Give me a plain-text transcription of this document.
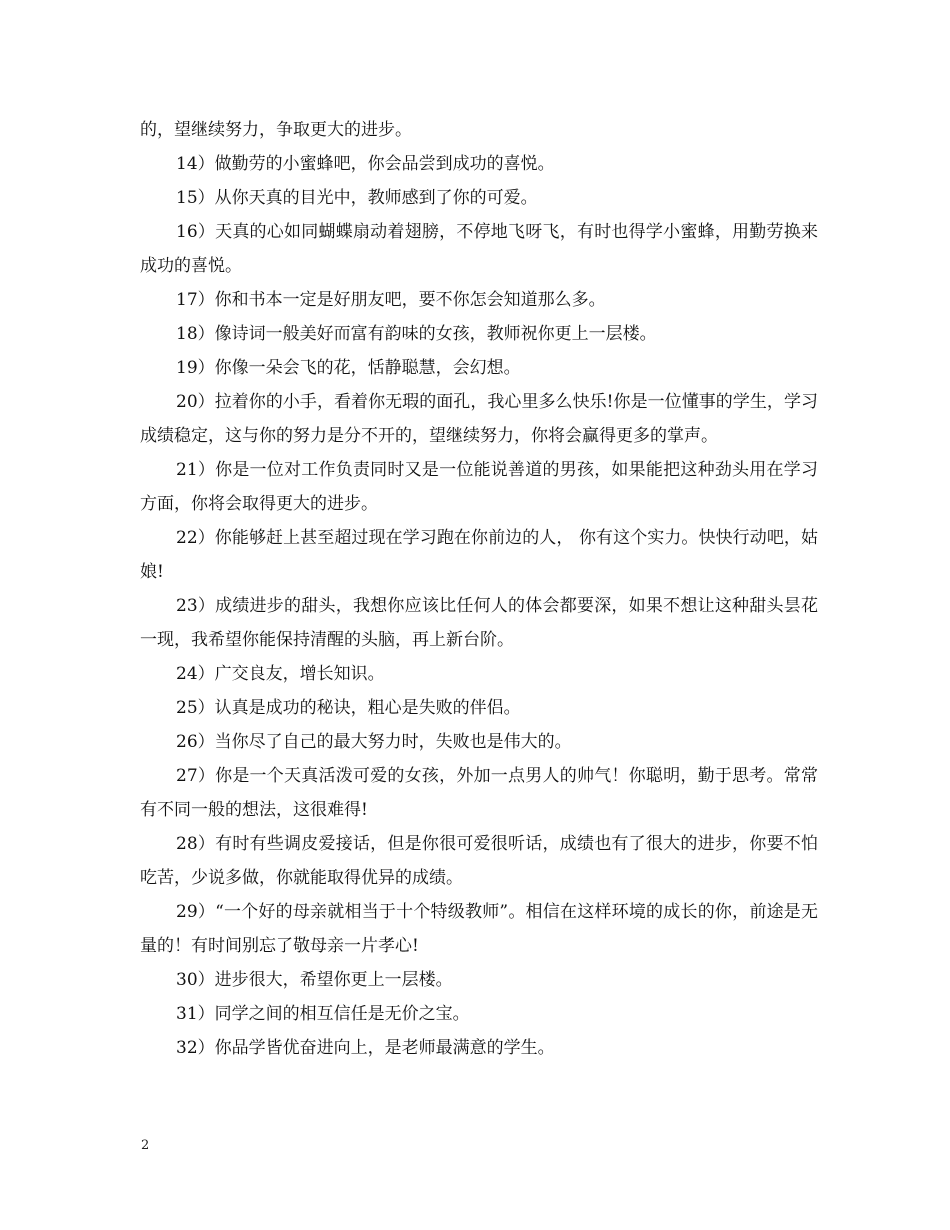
的，望继续努力，争取更大的进步。

14）做勤劳的小蜜蜂吧，你会品尝到成功的喜悦。

15）从你天真的目光中，教师感到了你的可爱。

16）天真的心如同蝴蝶扇动着翅膀，不停地飞呀飞，有时也得学小蜜蜂，用勤劳换来成功的喜悦。

17）你和书本一定是好朋友吧，要不你怎会知道那么多。

18）像诗词一般美好而富有韵味的女孩，教师祝你更上一层楼。

19）你像一朵会飞的花，恬静聪慧，会幻想。

20）拉着你的小手，看着你无瑕的面孔，我心里多么快乐!你是一位懂事的学生，学习成绩稳定，这与你的努力是分不开的，望继续努力，你将会赢得更多的掌声。

21）你是一位对工作负责同时又是一位能说善道的男孩，如果能把这种劲头用在学习方面，你将会取得更大的进步。

22）你能够赶上甚至超过现在学习跑在你前边的人， 你有这个实力。快快行动吧，姑娘!

23）成绩进步的甜头，我想你应该比任何人的体会都要深，如果不想让这种甜头昙花一现，我希望你能保持清醒的头脑，再上新台阶。

24）广交良友，增长知识。

25）认真是成功的秘诀，粗心是失败的伴侣。

26）当你尽了自己的最大努力时，失败也是伟大的。

27）你是一个天真活泼可爱的女孩，外加一点男人的帅气！你聪明，勤于思考。常常有不同一般的想法，这很难得!

28）有时有些调皮爱接话，但是你很可爱很听话，成绩也有了很大的进步，你要不怕吃苦，少说多做，你就能取得优异的成绩。

29）“一个好的母亲就相当于十个特级教师”。相信在这样环境的成长的你，前途是无量的！有时间别忘了敬母亲一片孝心!

30）进步很大，希望你更上一层楼。

31）同学之间的相互信任是无价之宝。

32）你品学皆优奋进向上，是老师最满意的学生。

2
